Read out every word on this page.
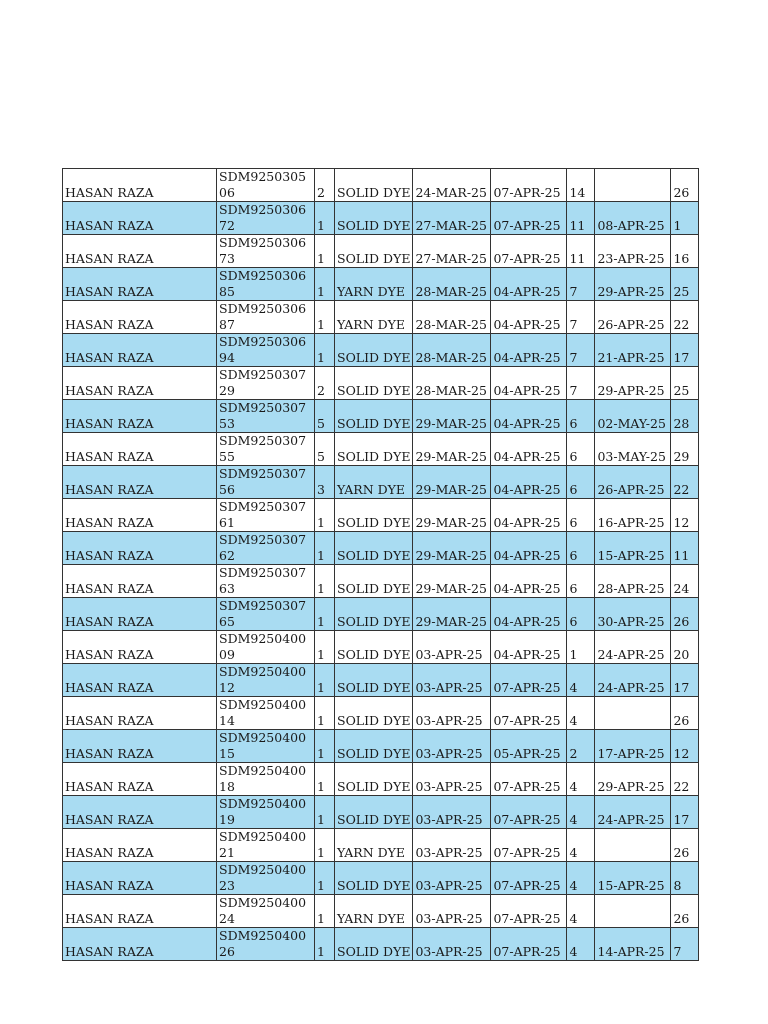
HASAN RAZA	SDM925030506	2	SOLID DYE	24-MAR-25	07-APR-25	14		26
HASAN RAZA	SDM925030672	1	SOLID DYE	27-MAR-25	07-APR-25	11	08-APR-25	1
HASAN RAZA	SDM925030673	1	SOLID DYE	27-MAR-25	07-APR-25	11	23-APR-25	16
HASAN RAZA	SDM925030685	1	YARN DYE	28-MAR-25	04-APR-25	7	29-APR-25	25
HASAN RAZA	SDM925030687	1	YARN DYE	28-MAR-25	04-APR-25	7	26-APR-25	22
HASAN RAZA	SDM925030694	1	SOLID DYE	28-MAR-25	04-APR-25	7	21-APR-25	17
HASAN RAZA	SDM925030729	2	SOLID DYE	28-MAR-25	04-APR-25	7	29-APR-25	25
HASAN RAZA	SDM925030753	5	SOLID DYE	29-MAR-25	04-APR-25	6	02-MAY-25	28
HASAN RAZA	SDM925030755	5	SOLID DYE	29-MAR-25	04-APR-25	6	03-MAY-25	29
HASAN RAZA	SDM925030756	3	YARN DYE	29-MAR-25	04-APR-25	6	26-APR-25	22
HASAN RAZA	SDM925030761	1	SOLID DYE	29-MAR-25	04-APR-25	6	16-APR-25	12
HASAN RAZA	SDM925030762	1	SOLID DYE	29-MAR-25	04-APR-25	6	15-APR-25	11
HASAN RAZA	SDM925030763	1	SOLID DYE	29-MAR-25	04-APR-25	6	28-APR-25	24
HASAN RAZA	SDM925030765	1	SOLID DYE	29-MAR-25	04-APR-25	6	30-APR-25	26
HASAN RAZA	SDM925040009	1	SOLID DYE	03-APR-25	04-APR-25	1	24-APR-25	20
HASAN RAZA	SDM925040012	1	SOLID DYE	03-APR-25	07-APR-25	4	24-APR-25	17
HASAN RAZA	SDM925040014	1	SOLID DYE	03-APR-25	07-APR-25	4		26
HASAN RAZA	SDM925040015	1	SOLID DYE	03-APR-25	05-APR-25	2	17-APR-25	12
HASAN RAZA	SDM925040018	1	SOLID DYE	03-APR-25	07-APR-25	4	29-APR-25	22
HASAN RAZA	SDM925040019	1	SOLID DYE	03-APR-25	07-APR-25	4	24-APR-25	17
HASAN RAZA	SDM925040021	1	YARN DYE	03-APR-25	07-APR-25	4		26
HASAN RAZA	SDM925040023	1	SOLID DYE	03-APR-25	07-APR-25	4	15-APR-25	8
HASAN RAZA	SDM925040024	1	YARN DYE	03-APR-25	07-APR-25	4		26
HASAN RAZA	SDM925040026	1	SOLID DYE	03-APR-25	07-APR-25	4	14-APR-25	7
